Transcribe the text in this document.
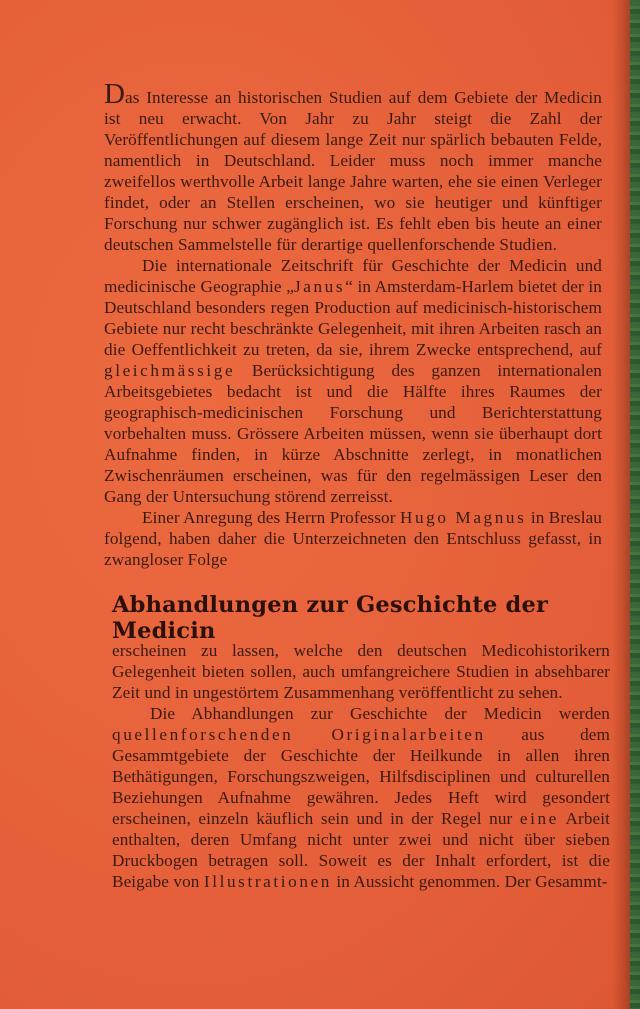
Das Interesse an historischen Studien auf dem Gebiete der Medicin ist neu erwacht. Von Jahr zu Jahr steigt die Zahl der Veröffentlichungen auf diesem lange Zeit nur spärlich bebauten Felde, namentlich in Deutschland. Leider muss noch immer manche zweifellos werthvolle Arbeit lange Jahre warten, ehe sie einen Verleger findet, oder an Stellen erscheinen, wo sie heutiger und künftiger Forschung nur schwer zugänglich ist. Es fehlt eben bis heute an einer deutschen Sammelstelle für derartige quellenforschende Studien.

Die internationale Zeitschrift für Geschichte der Medicin und medicinische Geographie „Janus“ in Amsterdam-Harlem bietet der in Deutschland besonders regen Production auf medicinisch-historischem Gebiete nur recht beschränkte Gelegenheit, mit ihren Arbeiten rasch an die Oeffentlichkeit zu treten, da sie, ihrem Zwecke entsprechend, auf gleichmässige Berücksichtigung des ganzen internationalen Arbeitsgebietes bedacht ist und die Hälfte ihres Raumes der geographisch-medicinischen Forschung und Berichterstattung vorbehalten muss. Grössere Arbeiten müssen, wenn sie überhaupt dort Aufnahme finden, in kürze Abschnitte zerlegt, in monatlichen Zwischenräumen erscheinen, was für den regelmässigen Leser den Gang der Untersuchung störend zerreisst.

Einer Anregung des Herrn Professor Hugo Magnus in Breslau folgend, haben daher die Unterzeichneten den Entschluss gefasst, in zwangloser Folge

Abhandlungen zur Geschichte der Medicin

erscheinen zu lassen, welche den deutschen Medicohistorikern Gelegenheit bieten sollen, auch umfangreichere Studien in absehbarer Zeit und in ungestörtem Zusammenhang veröffentlicht zu sehen.

Die Abhandlungen zur Geschichte der Medicin werden quellenforschenden Originalarbeiten aus dem Gesammtgebiete der Geschichte der Heilkunde in allen ihren Bethätigungen, Forschungszweigen, Hilfsdisciplinen und culturellen Beziehungen Aufnahme gewähren. Jedes Heft wird gesondert erscheinen, einzeln käuflich sein und in der Regel nur eine Arbeit enthalten, deren Umfang nicht unter zwei und nicht über sieben Druckbogen betragen soll. Soweit es der Inhalt erfordert, ist die Beigabe von Illustrationen in Aussicht genommen. Der Gesammt-
